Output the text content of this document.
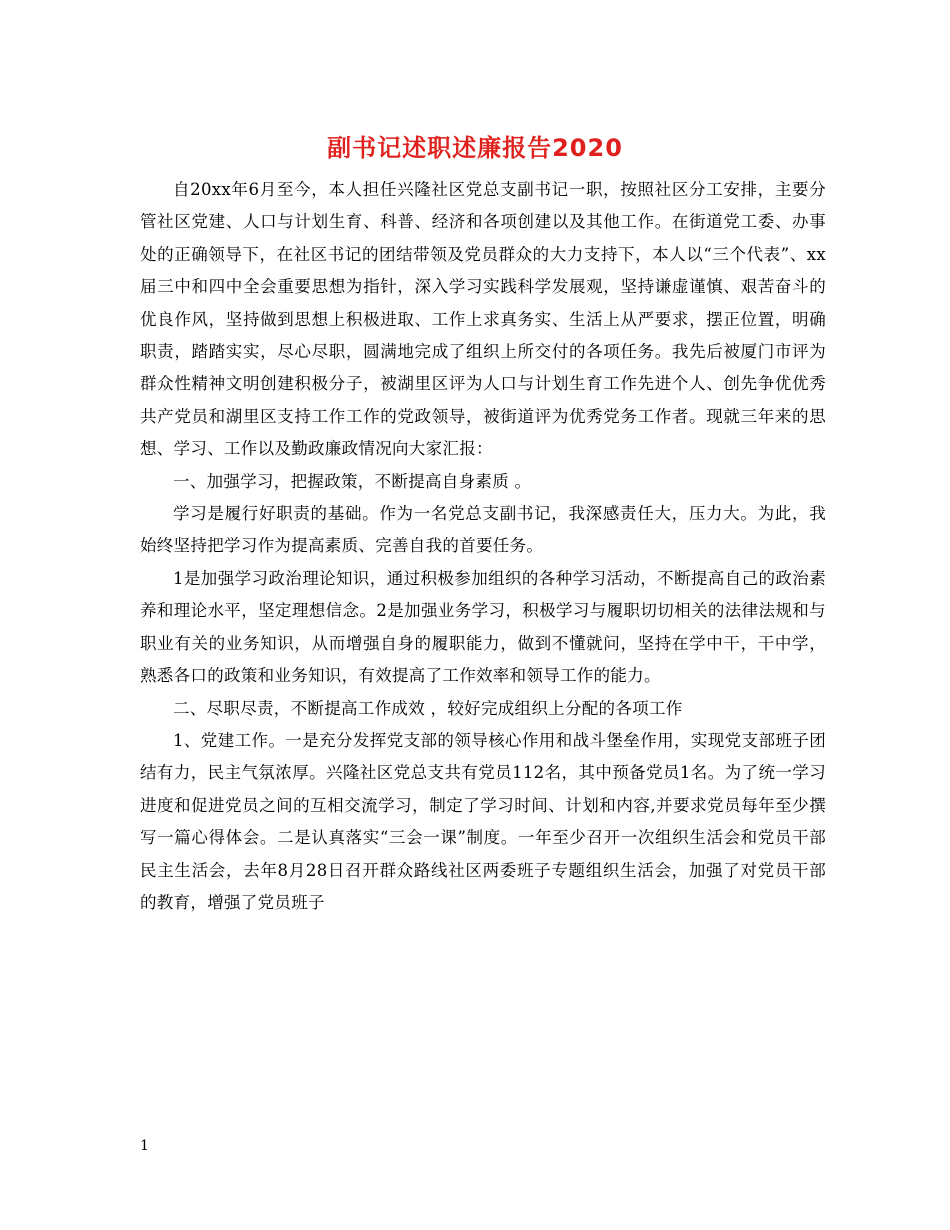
副书记述职述廉报告2020

自20xx年6月至今，本人担任兴隆社区党总支副书记一职，按照社区分工安排，主要分管社区党建、人口与计划生育、科普、经济和各项创建以及其他工作。在街道党工委、办事处的正确领导下，在社区书记的团结带领及党员群众的大力支持下，本人以“三个代表”、xx届三中和四中全会重要思想为指针，深入学习实践科学发展观，坚持谦虚谨慎、艰苦奋斗的优良作风，坚持做到思想上积极进取、工作上求真务实、生活上从严要求，摆正位置，明确职责，踏踏实实，尽心尽职，圆满地完成了组织上所交付的各项任务。我先后被厦门市评为群众性精神文明创建积极分子，被湖里区评为人口与计划生育工作先进个人、创先争优优秀共产党员和湖里区支持工作工作的党政领导，被街道评为优秀党务工作者。现就三年来的思想、学习、工作以及勤政廉政情况向大家汇报：

一、加强学习，把握政策，不断提高自身素质 。

学习是履行好职责的基础。作为一名党总支副书记，我深感责任大，压力大。为此，我始终坚持把学习作为提高素质、完善自我的首要任务。

1是加强学习政治理论知识，通过积极参加组织的各种学习活动，不断提高自己的政治素养和理论水平，坚定理想信念。2是加强业务学习，积极学习与履职切切相关的法律法规和与职业有关的业务知识，从而增强自身的履职能力，做到不懂就问，坚持在学中干，干中学，熟悉各口的政策和业务知识，有效提高了工作效率和领导工作的能力。

二、尽职尽责，不断提高工作成效 ，较好完成组织上分配的各项工作

1、党建工作。一是充分发挥党支部的领导核心作用和战斗堡垒作用，实现党支部班子团结有力，民主气氛浓厚。兴隆社区党总支共有党员112名，其中预备党员1名。为了统一学习进度和促进党员之间的互相交流学习，制定了学习时间、计划和内容,并要求党员每年至少撰写一篇心得体会。二是认真落实“三会一课”制度。一年至少召开一次组织生活会和党员干部民主生活会，去年8月28日召开群众路线社区两委班子专题组织生活会，加强了对党员干部的教育，增强了党员班子

1
